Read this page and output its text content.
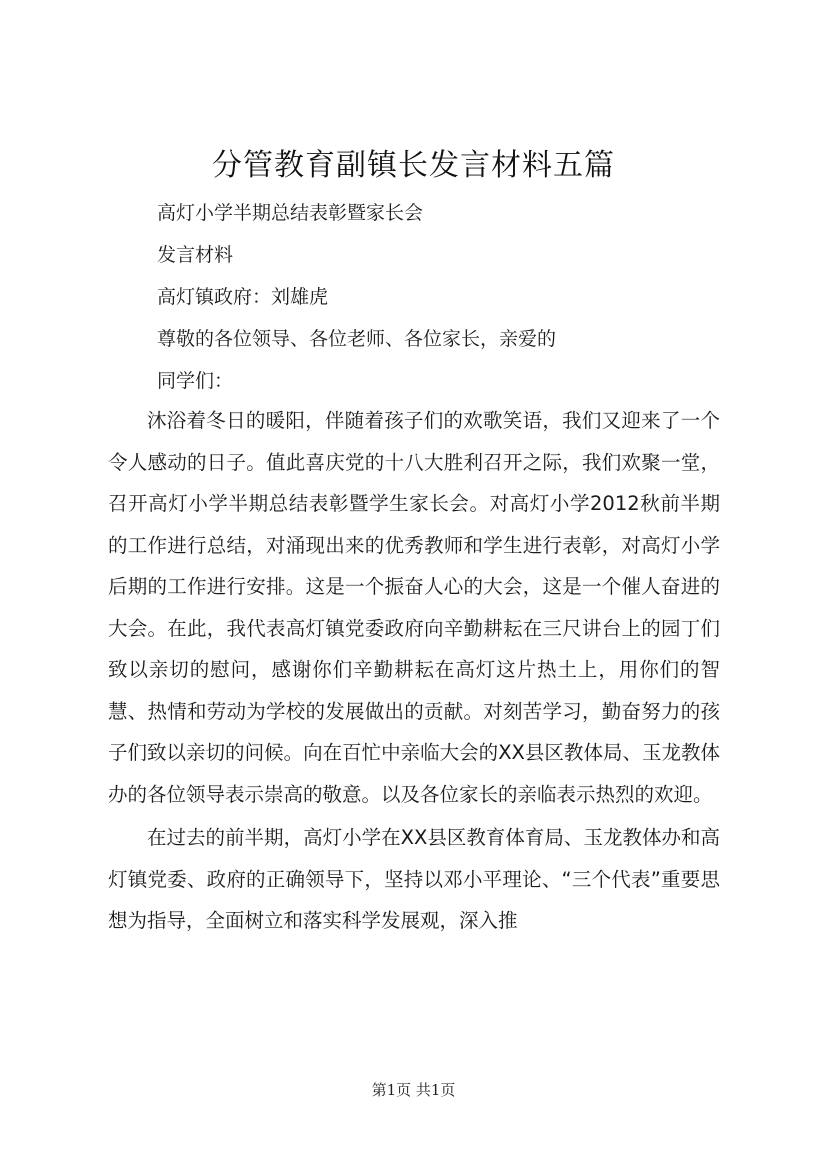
分管教育副镇长发言材料五篇
高灯小学半期总结表彰暨家长会
发言材料
高灯镇政府：刘雄虎
尊敬的各位领导、各位老师、各位家长，亲爱的
同学们：

沐浴着冬日的暖阳，伴随着孩子们的欢歌笑语，我们又迎来了一个令人感动的日子。值此喜庆党的十八大胜利召开之际，我们欢聚一堂，召开高灯小学半期总结表彰暨学生家长会。对高灯小学2012秋前半期的工作进行总结，对涌现出来的优秀教师和学生进行表彰，对高灯小学后期的工作进行安排。这是一个振奋人心的大会，这是一个催人奋进的大会。在此，我代表高灯镇党委政府向辛勤耕耘在三尺讲台上的园丁们致以亲切的慰问，感谢你们辛勤耕耘在高灯这片热土上，用你们的智慧、热情和劳动为学校的发展做出的贡献。对刻苦学习，勤奋努力的孩子们致以亲切的问候。向在百忙中亲临大会的XX县区教体局、玉龙教体办的各位领导表示崇高的敬意。以及各位家长的亲临表示热烈的欢迎。

在过去的前半期，高灯小学在XX县区教育体育局、玉龙教体办和高灯镇党委、政府的正确领导下，坚持以邓小平理论、“三个代表”重要思想为指导，全面树立和落实科学发展观，深入推

第1页 共1页
